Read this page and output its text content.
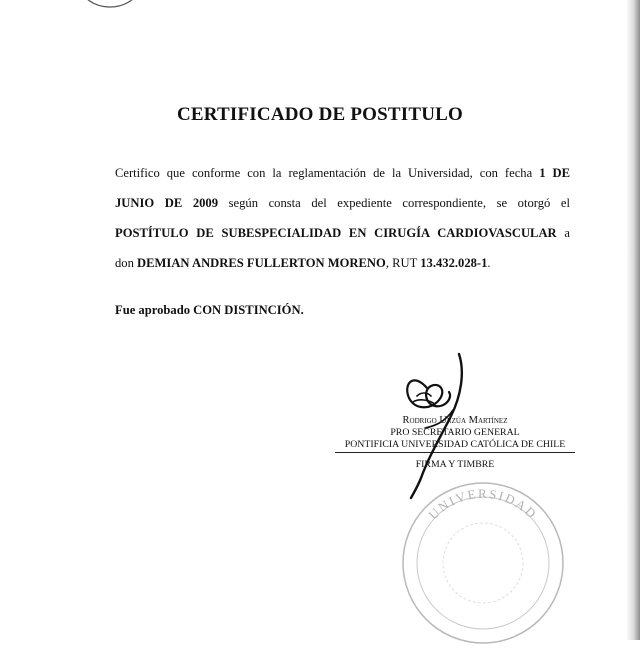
CERTIFICADO DE POSTITULO
Certifico que conforme con la reglamentación de la Universidad, con fecha 1 DE
JUNIO DE 2009 según consta del expediente correspondiente, se otorgó el
POSTÍTULO DE SUBESPECIALIDAD EN CIRUGÍA CARDIOVASCULAR a
don DEMIAN ANDRES FULLERTON MORENO, RUT 13.432.028-1.
Fue aprobado CON DISTINCIÓN.
UNIVERSIDAD
Rodrigo Urzúa Martínez
PRO SECRETARIO GENERAL
PONTIFICIA UNIVERSIDAD CATÓLICA DE CHILE
FIRMA Y TIMBRE
